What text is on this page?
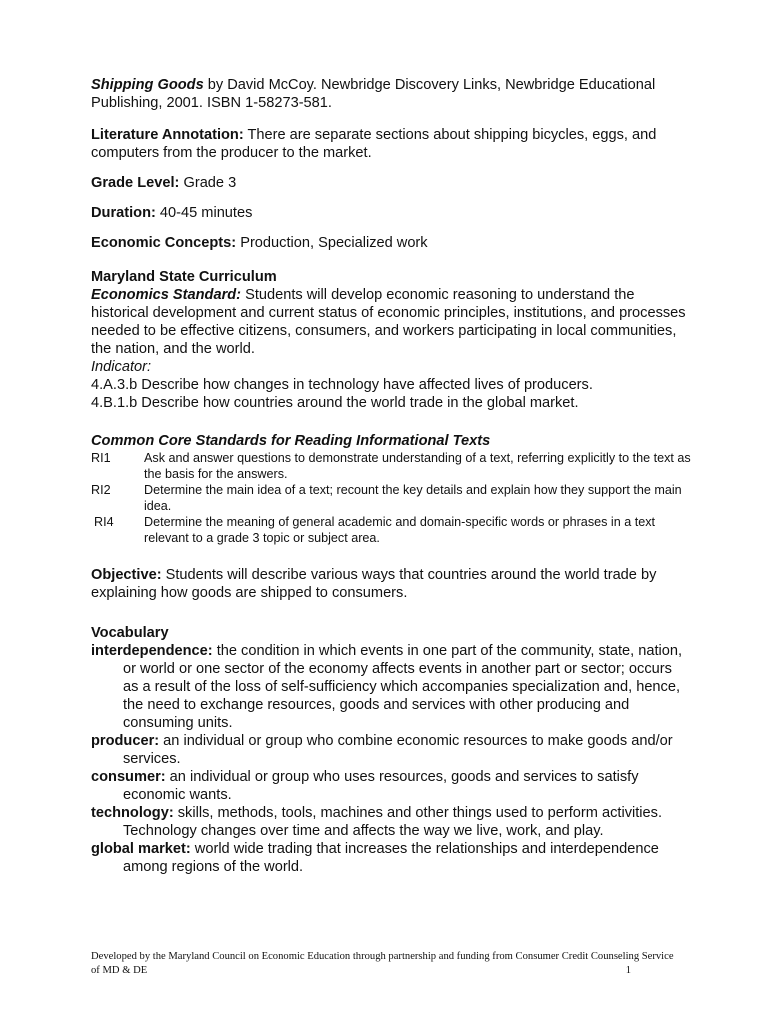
Shipping Goods by David McCoy. Newbridge Discovery Links, Newbridge Educational Publishing, 2001. ISBN 1-58273-581.

Literature Annotation: There are separate sections about shipping bicycles, eggs, and computers from the producer to the market.

Grade Level: Grade 3

Duration: 40-45 minutes

Economic Concepts: Production, Specialized work

Maryland State Curriculum

Economics Standard: Students will develop economic reasoning to understand the historical development and current status of economic principles, institutions, and processes needed to be effective citizens, consumers, and workers participating in local communities, the nation, and the world.

Indicator:

4.A.3.b Describe how changes in technology have affected lives of producers.

4.B.1.b Describe how countries around the world trade in the global market.

Common Core Standards for Reading Informational Texts

RI1	Ask and answer questions to demonstrate understanding of a text, referring explicitly to the text as the basis for the answers.
RI2	Determine the main idea of a text; recount the key details and explain how they support the main idea.
RI4	Determine the meaning of general academic and domain-specific words or phrases in a text relevant to a grade 3 topic or subject area.

Objective: Students will describe various ways that countries around the world trade by explaining how goods are shipped to consumers.

Vocabulary

interdependence: the condition in which events in one part of the community, state, nation, or world or one sector of the economy affects events in another part or sector; occurs as a result of the loss of self-sufficiency which accompanies specialization and, hence, the need to exchange resources, goods and services with other producing and consuming units.

producer: an individual or group who combine economic resources to make goods and/or services.

consumer: an individual or group who uses resources, goods and services to satisfy economic wants.

technology: skills, methods, tools, machines and other things used to perform activities. Technology changes over time and affects the way we live, work, and play.

global market: world wide trading that increases the relationships and interdependence among regions of the world.

Developed by the Maryland Council on Economic Education through partnership and funding from Consumer Credit Counseling Service of MD & DE	1
